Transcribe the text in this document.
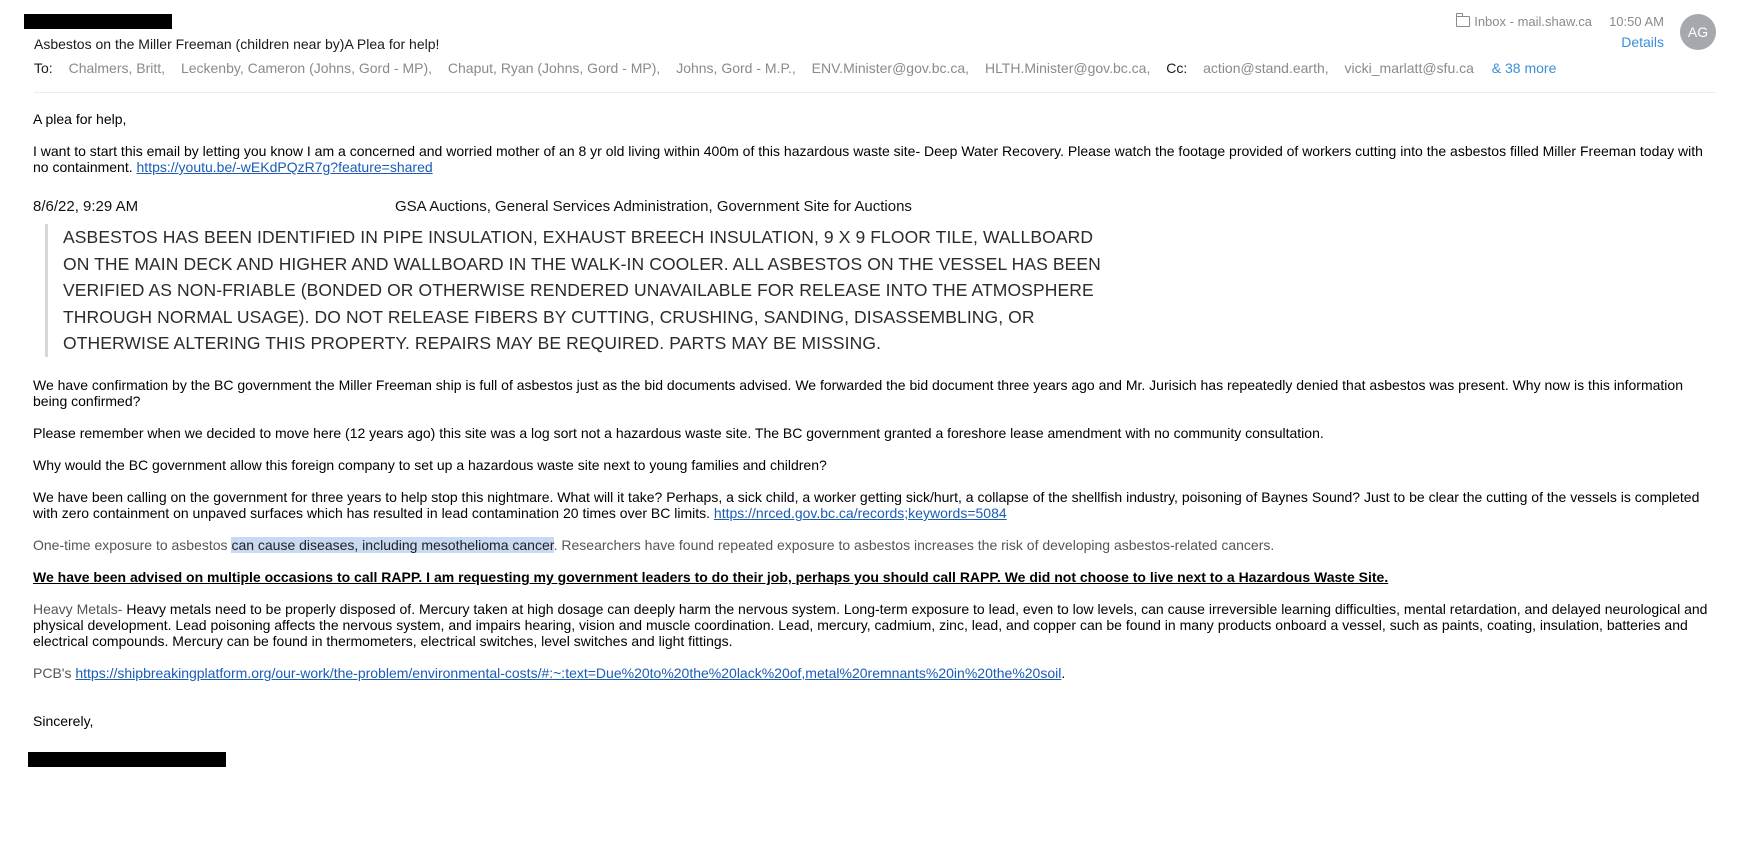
Asbestos on the Miller Freeman (children near by)A Plea for help!
To: Chalmers, Britt, Leckenby, Cameron (Johns, Gord - MP), Chaput, Ryan (Johns, Gord - MP), Johns, Gord - M.P., ENV.Minister@gov.bc.ca, HLTH.Minister@gov.bc.ca, Cc: action@stand.earth, vicki_marlatt@sfu.ca & 38 more
Inbox - mail.shaw.ca 10:50 AM
Details
AG

A plea for help,

I want to start this email by letting you know I am a concerned and worried mother of an 8 yr old living within 400m of this hazardous waste site- Deep Water Recovery. Please watch the footage provided of workers cutting into the asbestos filled Miller Freeman today with no containment. https://youtu.be/-wEKdPQzR7g?feature=shared

8/6/22, 9:29 AM	GSA Auctions, General Services Administration, Government Site for Auctions
ASBESTOS HAS BEEN IDENTIFIED IN PIPE INSULATION, EXHAUST BREECH INSULATION, 9 X 9 FLOOR TILE, WALLBOARD ON THE MAIN DECK AND HIGHER AND WALLBOARD IN THE WALK-IN COOLER. ALL ASBESTOS ON THE VESSEL HAS BEEN VERIFIED AS NON-FRIABLE (BONDED OR OTHERWISE RENDERED UNAVAILABLE FOR RELEASE INTO THE ATMOSPHERE THROUGH NORMAL USAGE). DO NOT RELEASE FIBERS BY CUTTING, CRUSHING, SANDING, DISASSEMBLING, OR OTHERWISE ALTERING THIS PROPERTY. REPAIRS MAY BE REQUIRED. PARTS MAY BE MISSING.

We have confirmation by the BC government the Miller Freeman ship is full of asbestos just as the bid documents advised. We forwarded the bid document three years ago and Mr. Jurisich has repeatedly denied that asbestos was present. Why now is this information being confirmed?

Please remember when we decided to move here (12 years ago) this site was a log sort not a hazardous waste site. The BC government granted a foreshore lease amendment with no community consultation.

Why would the BC government allow this foreign company to set up a hazardous waste site next to young families and children?

We have been calling on the government for three years to help stop this nightmare. What will it take? Perhaps, a sick child, a worker getting sick/hurt, a collapse of the shellfish industry, poisoning of Baynes Sound? Just to be clear the cutting of the vessels is completed with zero containment on unpaved surfaces which has resulted in lead contamination 20 times over BC limits. https://nrced.gov.bc.ca/records;keywords=5084

One-time exposure to asbestos can cause diseases, including mesothelioma cancer. Researchers have found repeated exposure to asbestos increases the risk of developing asbestos-related cancers.

We have been advised on multiple occasions to call RAPP. I am requesting my government leaders to do their job, perhaps you should call RAPP. We did not choose to live next to a Hazardous Waste Site.

Heavy Metals- Heavy metals need to be properly disposed of. Mercury taken at high dosage can deeply harm the nervous system. Long-term exposure to lead, even to low levels, can cause irreversible learning difficulties, mental retardation, and delayed neurological and physical development. Lead poisoning affects the nervous system, and impairs hearing, vision and muscle coordination. Lead, mercury, cadmium, zinc, lead, and copper can be found in many products onboard a vessel, such as paints, coating, insulation, batteries and electrical compounds. Mercury can be found in thermometers, electrical switches, level switches and light fittings.

PCB's https://shipbreakingplatform.org/our-work/the-problem/environmental-costs/#:~:text=Due%20to%20the%20lack%20of,metal%20remnants%20in%20the%20soil.

Sincerely,
